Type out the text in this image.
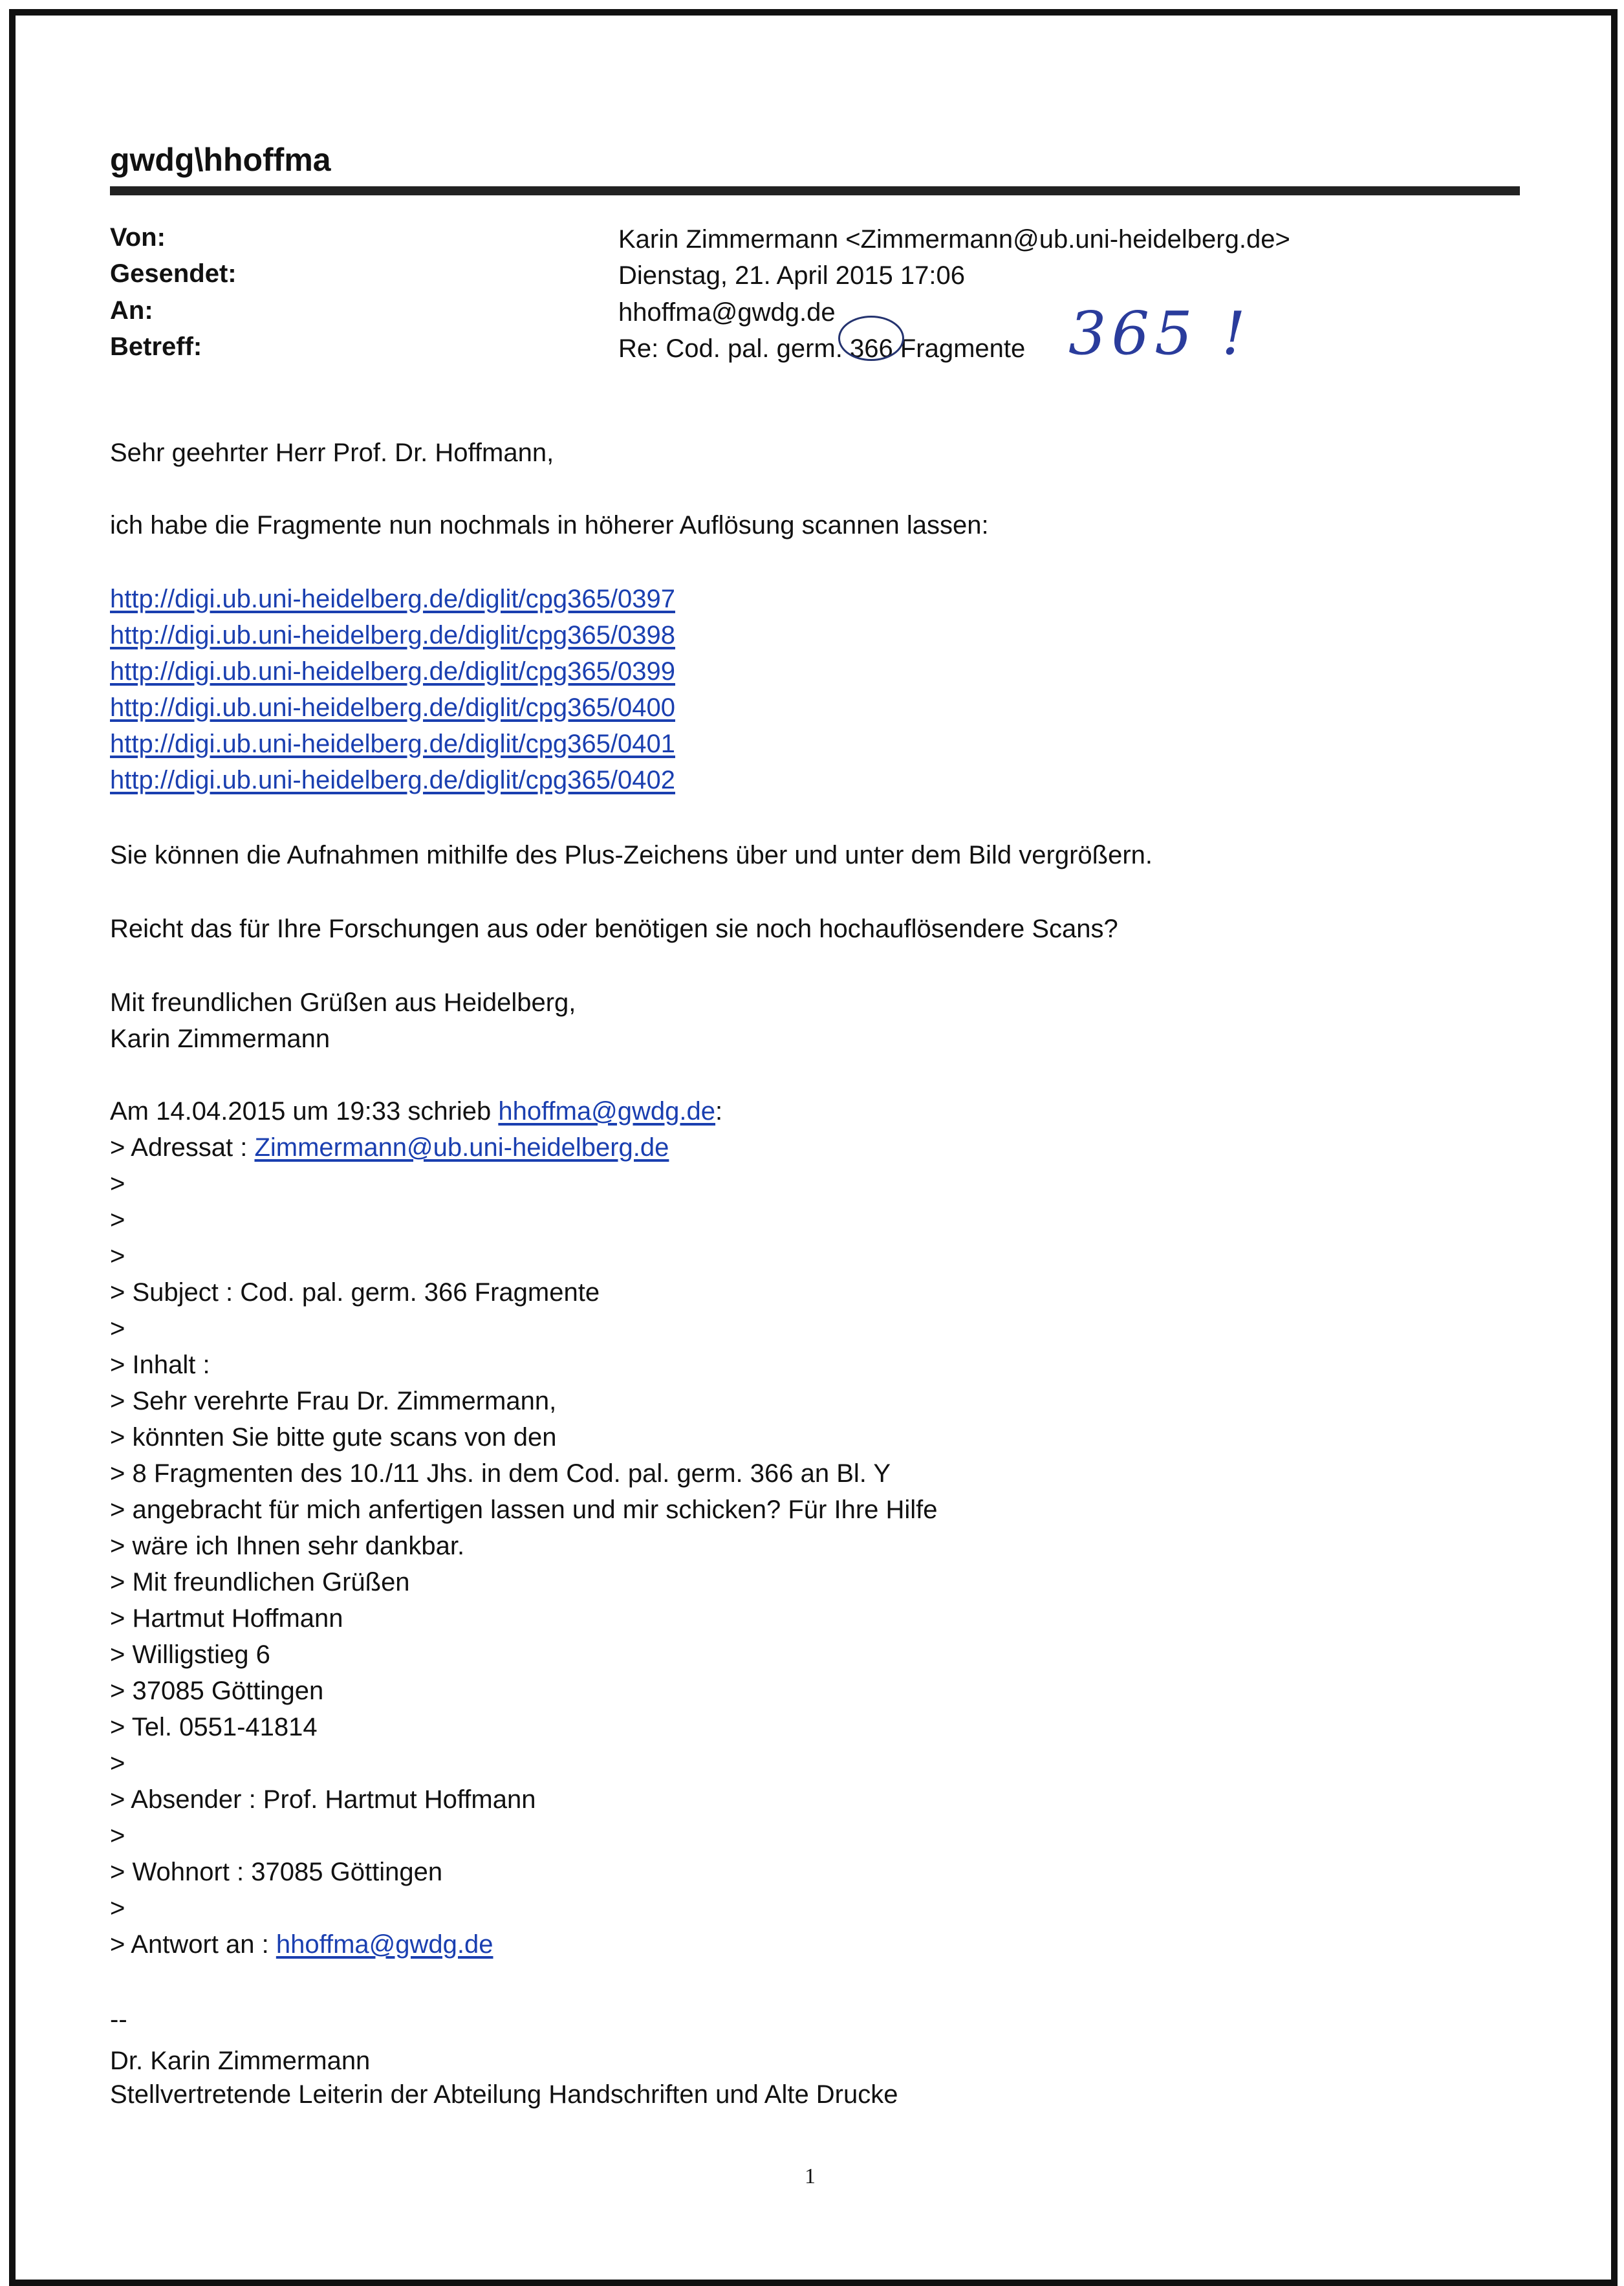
gwdg\hhoffma
Von:	Karin Zimmermann <Zimmermann@ub.uni-heidelberg.de>
Gesendet:	Dienstag, 21. April 2015 17:06
An:	hhoffma@gwdg.de
Betreff:	Re: Cod. pal. germ. 366 Fragmente 365 !
Sehr geehrter Herr Prof. Dr. Hoffmann,
ich habe die Fragmente nun nochmals in höherer Auflösung scannen lassen:
http://digi.ub.uni-heidelberg.de/diglit/cpg365/0397
http://digi.ub.uni-heidelberg.de/diglit/cpg365/0398
http://digi.ub.uni-heidelberg.de/diglit/cpg365/0399
http://digi.ub.uni-heidelberg.de/diglit/cpg365/0400
http://digi.ub.uni-heidelberg.de/diglit/cpg365/0401
http://digi.ub.uni-heidelberg.de/diglit/cpg365/0402
Sie können die Aufnahmen mithilfe des Plus-Zeichens über und unter dem Bild vergrößern.
Reicht das für Ihre Forschungen aus oder benötigen sie noch hochauflösendere Scans?
Mit freundlichen Grüßen aus Heidelberg,
Karin Zimmermann
Am 14.04.2015 um 19:33 schrieb hhoffma@gwdg.de:
> Adressat : Zimmermann@ub.uni-heidelberg.de
>
>
>
> Subject : Cod. pal. germ. 366 Fragmente
>
> Inhalt :
> Sehr verehrte Frau Dr. Zimmermann,
> könnten Sie bitte gute scans von den
> 8 Fragmenten des 10./11 Jhs. in dem Cod. pal. germ. 366 an Bl. Y
> angebracht für mich anfertigen lassen und mir schicken? Für Ihre Hilfe
> wäre ich Ihnen sehr dankbar.
> Mit freundlichen Grüßen
> Hartmut Hoffmann
> Willigstieg 6
> 37085 Göttingen
> Tel. 0551-41814
>
> Absender : Prof. Hartmut Hoffmann
>
> Wohnort : 37085 Göttingen
>
> Antwort an : hhoffma@gwdg.de
--
Dr. Karin Zimmermann
Stellvertretende Leiterin der Abteilung Handschriften und Alte Drucke
1
